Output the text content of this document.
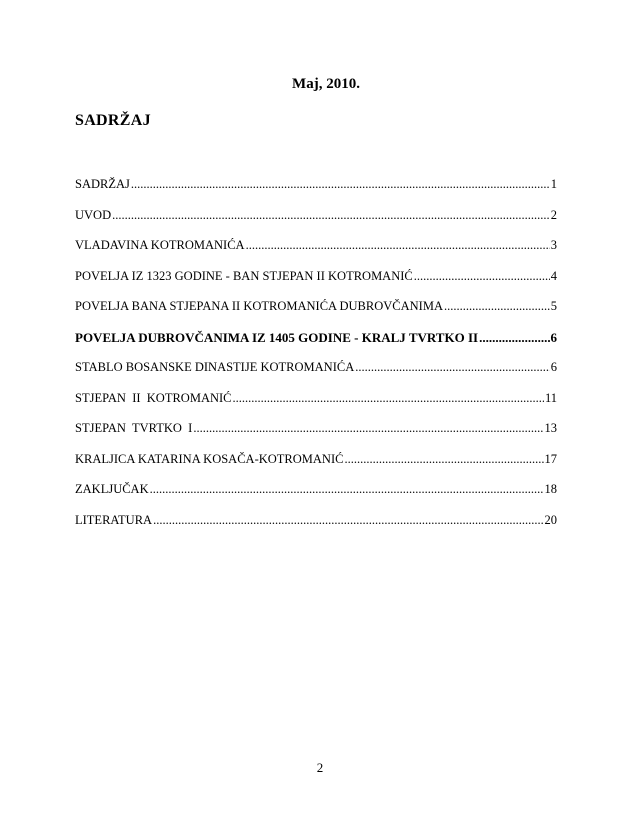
Maj, 2010.
SADRŽAJ
SADRŽAJ .....	1
UVOD .....	2
VLADAVINA KOTROMANIĆA .....	3
POVELJA IZ 1323 GODINE - BAN STJEPAN II KOTROMANIĆ .....	4
POVELJA BANA STJEPANA II KOTROMANIĆA DUBROVČANIMA .....	5
POVELJA DUBROVČANIMA IZ 1405 GODINE - KRALJ TVRTKO II .....	6
STABLO BOSANSKE DINASTIJE KOTROMANIĆA .....	6
STJEPAN  II  KOTROMANIĆ .....	11
STJEPAN  TVRTKO  I .....	13
KRALJICA KATARINA KOSAČA-KOTROMANIĆ .....	17
ZAKLJUČAK .....	18
LITERATURA .....	20
2
